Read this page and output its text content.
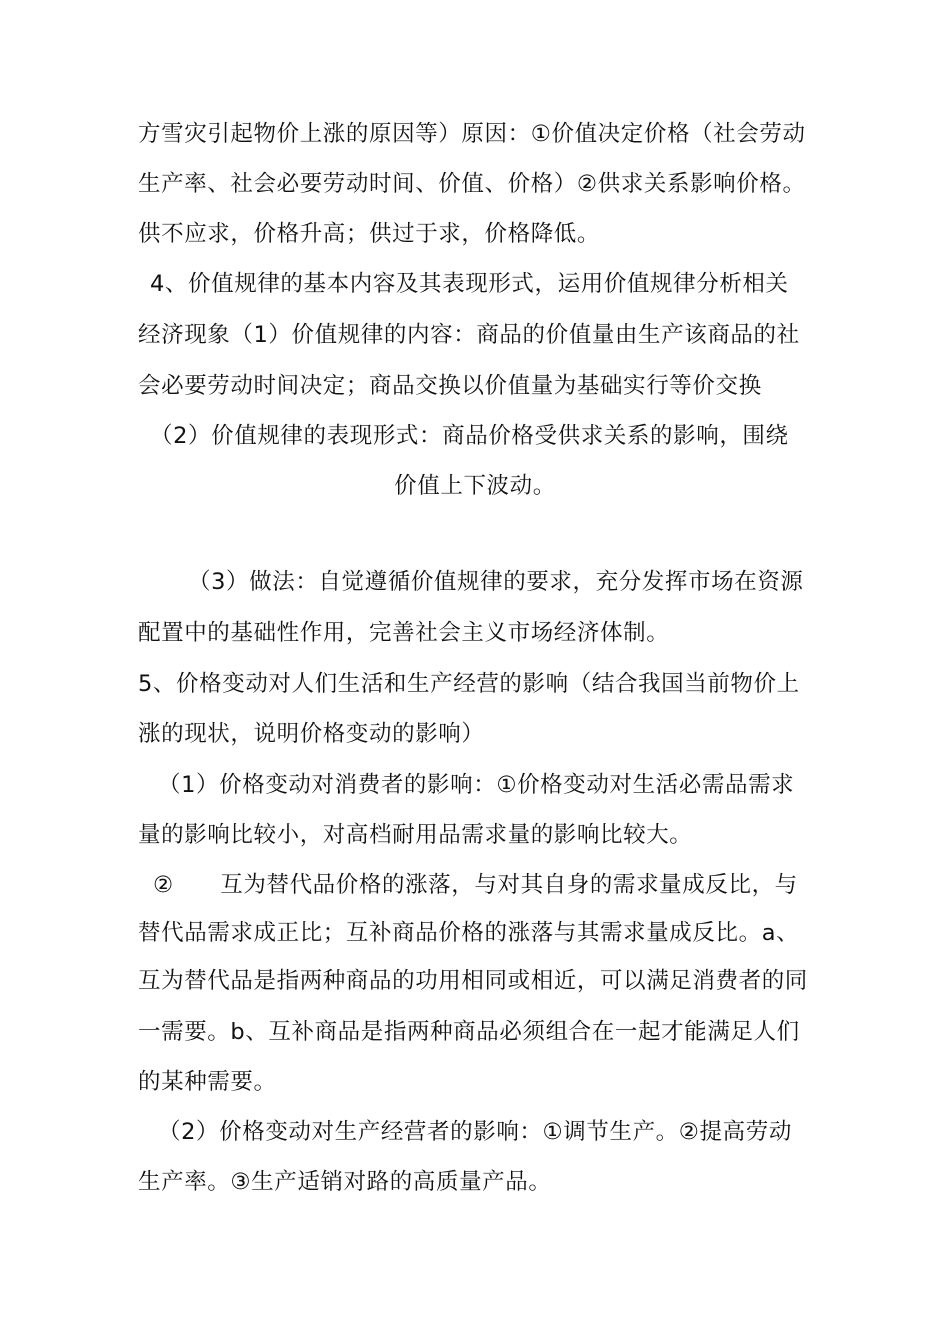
方雪灾引起物价上涨的原因等）原因：①价值决定价格（社会劳动
生产率、社会必要劳动时间、价值、价格）②供求关系影响价格。
供不应求，价格升高；供过于求，价格降低。
4、价值规律的基本内容及其表现形式，运用价值规律分析相关
经济现象（1）价值规律的内容：商品的价值量由生产该商品的社
会必要劳动时间决定；商品交换以价值量为基础实行等价交换
（2）价值规律的表现形式：商品价格受供求关系的影响，围绕
价值上下波动。
（3）做法：自觉遵循价值规律的要求，充分发挥市场在资源
配置中的基础性作用，完善社会主义市场经济体制。
5、价格变动对人们生活和生产经营的影响（结合我国当前物价上
涨的现状，说明价格变动的影响）
（1）价格变动对消费者的影响：①价格变动对生活必需品需求
量的影响比较小，对高档耐用品需求量的影响比较大。
②      互为替代品价格的涨落，与对其自身的需求量成反比，与
替代品需求成正比；互补商品价格的涨落与其需求量成反比。a、
互为替代品是指两种商品的功用相同或相近，可以满足消费者的同
一需要。b、互补商品是指两种商品必须组合在一起才能满足人们
的某种需要。
（2）价格变动对生产经营者的影响：①调节生产。②提高劳动
生产率。③生产适销对路的高质量产品。
